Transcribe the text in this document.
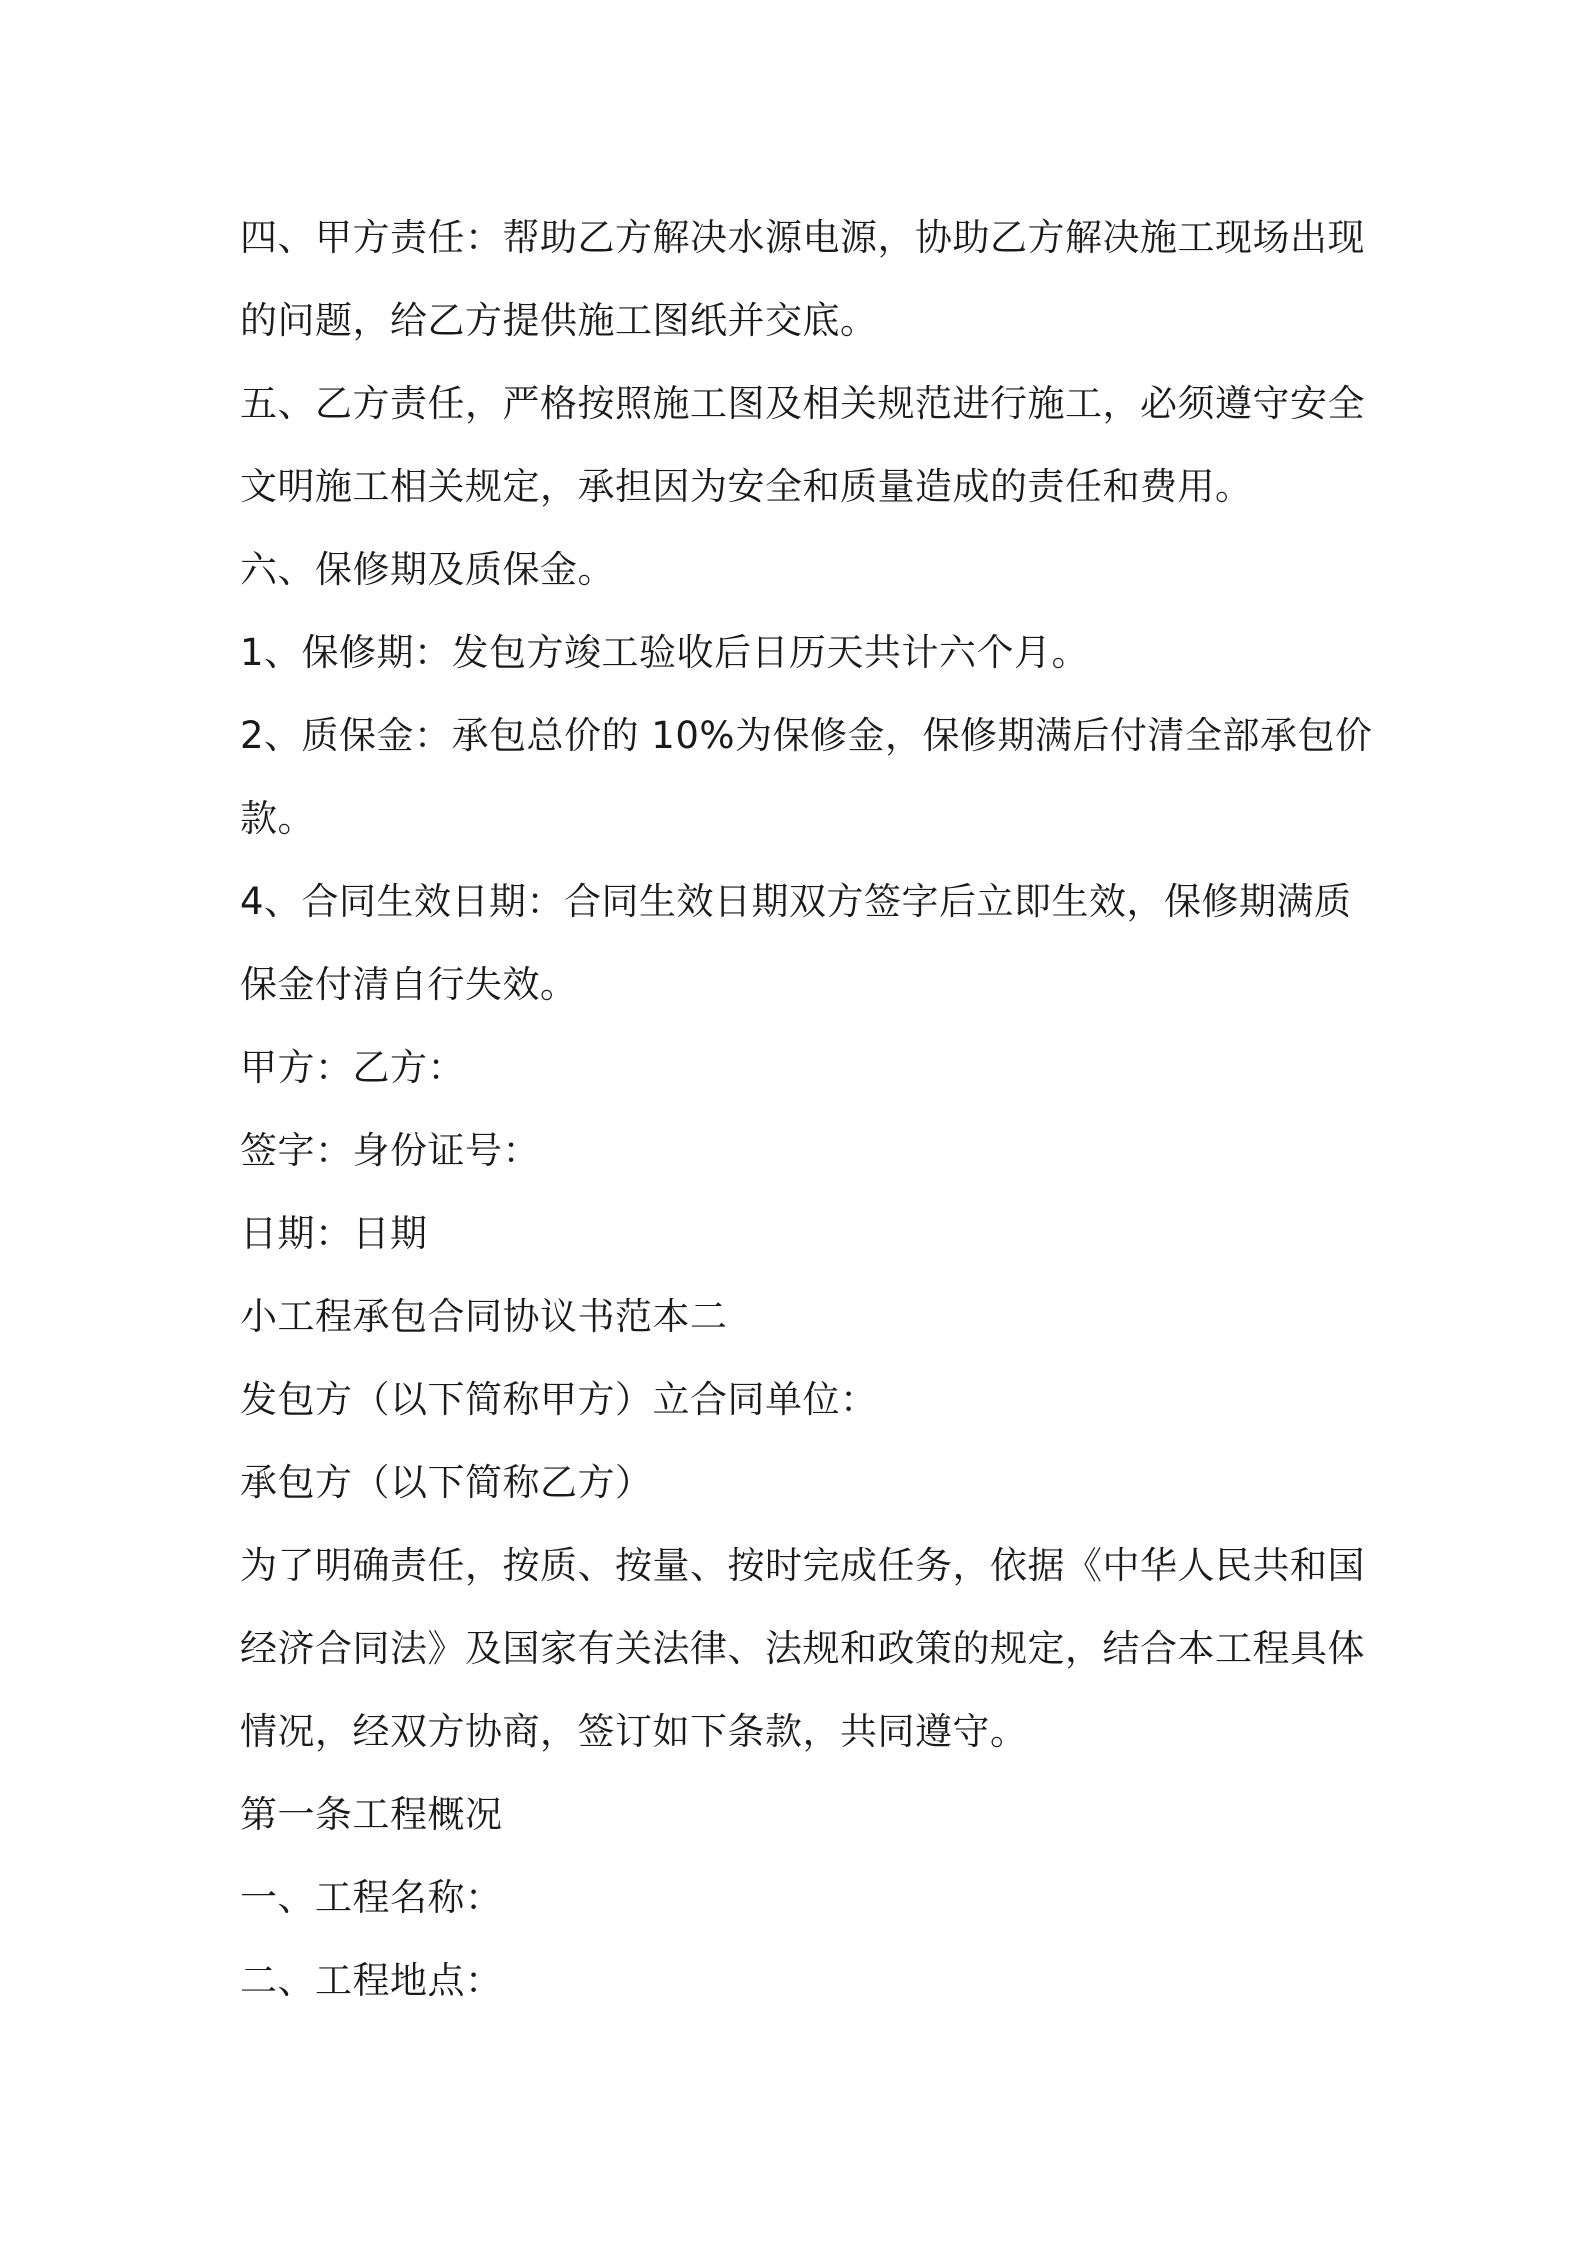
四、甲方责任：帮助乙方解决水源电源，协助乙方解决施工现场出现
的问题，给乙方提供施工图纸并交底。
五、乙方责任，严格按照施工图及相关规范进行施工，必须遵守安全
文明施工相关规定，承担因为安全和质量造成的责任和费用。
六、保修期及质保金。
1、保修期：发包方竣工验收后日历天共计六个月。
2、质保金：承包总价的 10%为保修金，保修期满后付清全部承包价
款。
4、合同生效日期：合同生效日期双方签字后立即生效，保修期满质
保金付清自行失效。
甲方：乙方：
签字：身份证号：
日期：日期
小工程承包合同协议书范本二
发包方（以下简称甲方）立合同单位：
承包方（以下简称乙方）
为了明确责任，按质、按量、按时完成任务，依据《中华人民共和国
经济合同法》及国家有关法律、法规和政策的规定，结合本工程具体
情况，经双方协商，签订如下条款，共同遵守。
第一条工程概况
一、工程名称：
二、工程地点：
